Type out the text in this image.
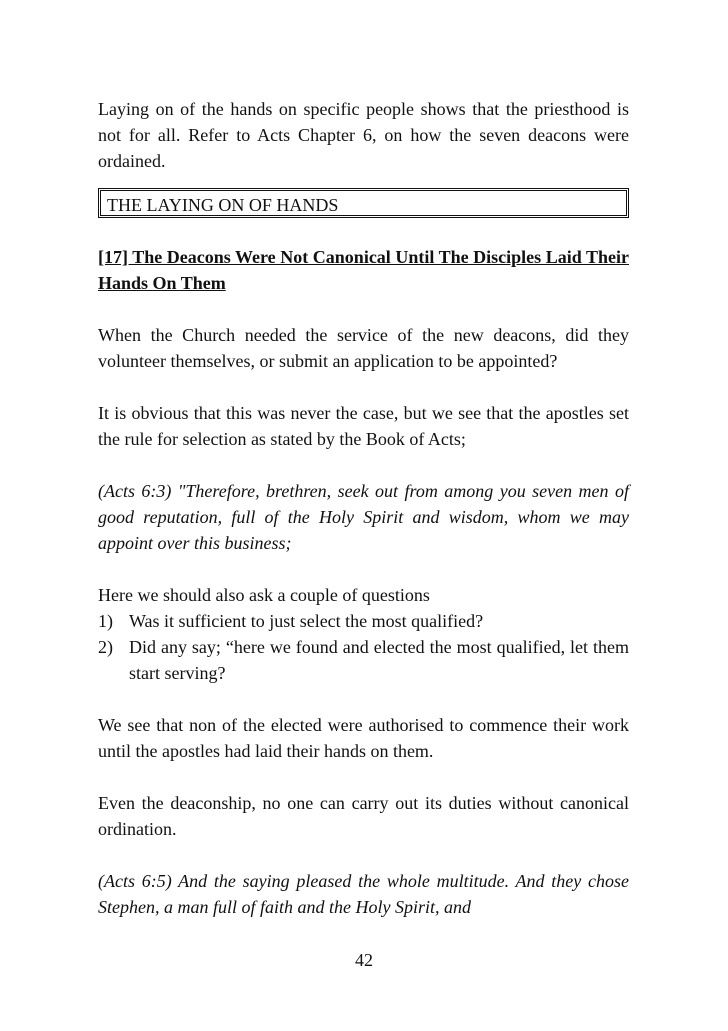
Laying on of the hands on specific people shows that the priesthood is not for all. Refer to Acts Chapter 6, on how the seven deacons were ordained.

THE LAYING ON OF HANDS

[17] The Deacons Were Not Canonical Until The Disciples Laid Their Hands On Them

When the Church needed the service of the new deacons, did they volunteer themselves, or submit an application to be appointed?

It is obvious that this was never the case, but we see that the apostles set the rule for selection as stated by the Book of Acts;

(Acts 6:3) "Therefore, brethren, seek out from among you seven men of good reputation, full of the Holy Spirit and wisdom, whom we may appoint over this business;

Here we should also ask a couple of questions

1) Was it sufficient to just select the most qualified?
2) Did any say; “here we found and elected the most qualified, let them start serving?

We see that non of the elected were authorised to commence their work until the apostles had laid their hands on them.

Even the deaconship, no one can carry out its duties without canonical ordination.

(Acts 6:5) And the saying pleased the whole multitude. And they chose Stephen, a man full of faith and the Holy Spirit, and

42
